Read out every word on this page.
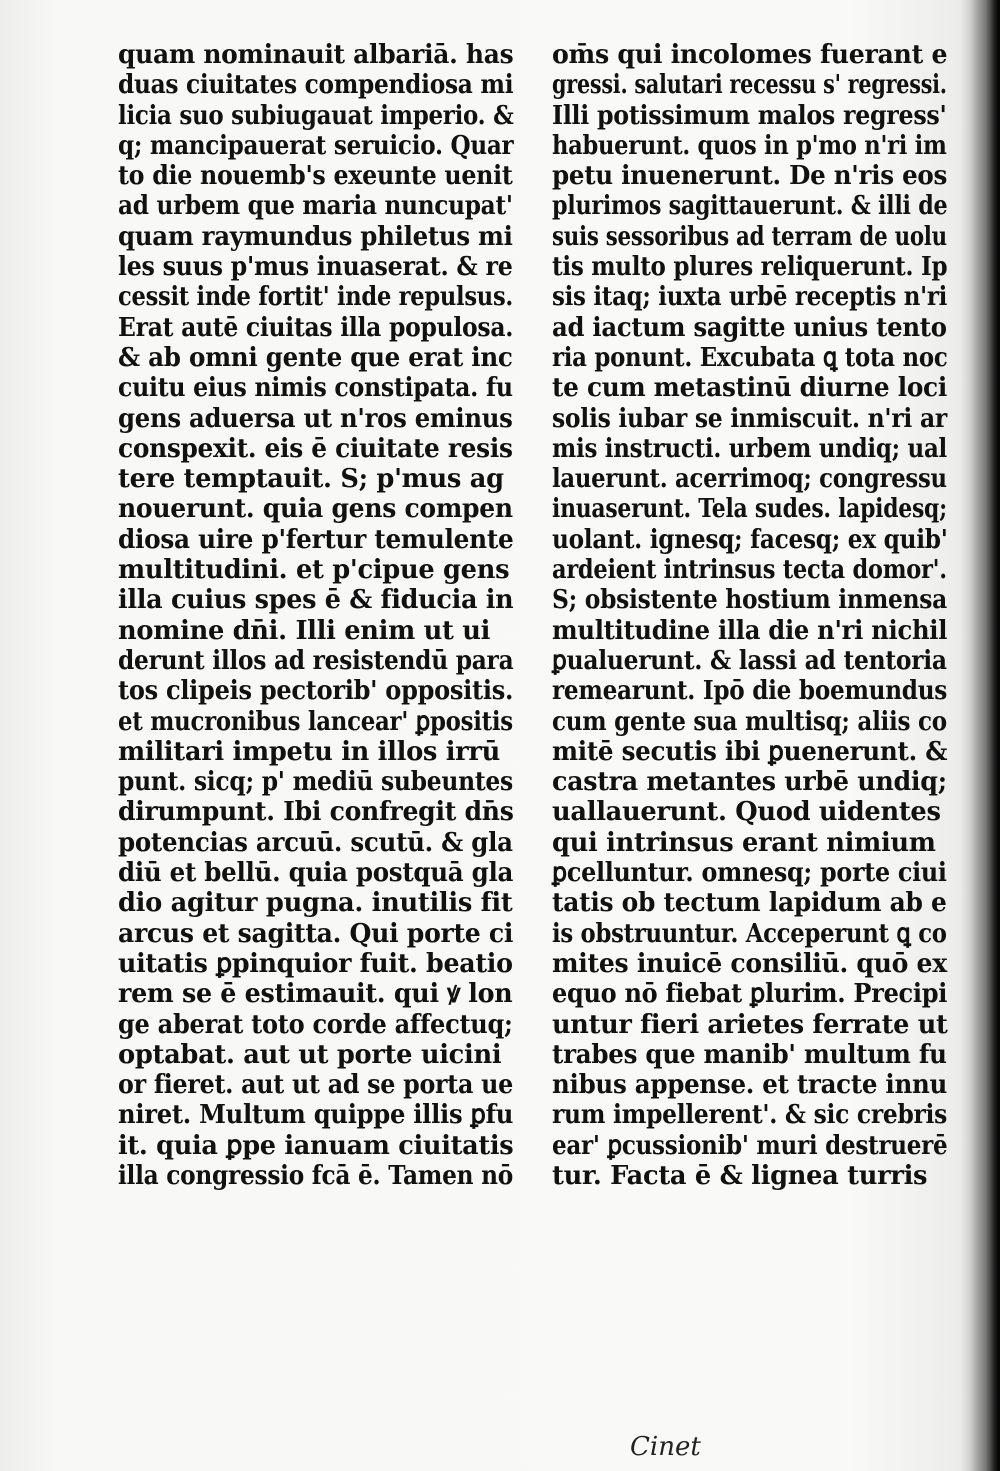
quam nominauit albariā. has
duas ciuitates compendiosa mi
licia suo subiugauat imperio. &
q; mancipauerat seruicio. Quar
to die nouemb's exeunte uenit
ad urbem que maria nuncupat'
quam raymundus philetus mi
les suus p'mus inuaserat. & re
cessit inde fortit' inde repulsus.
Erat autē ciuitas illa populosa.
& ab omni gente que erat inc
cuitu eius nimis constipata. fu
gens aduersa ut n'ros eminus
conspexit. eis ē ciuitate resis
tere temptauit. S; p'mus ag
nouerunt. quia gens compen
diosa uire p'fertur temulente
multitudini. et p'cipue gens
illa cuius spes ē & fiducia in
nomine dn̄i. Illi enim ut ui
derunt illos ad resistendū para
tos clipeis pectorib' oppositis.
et mucronibus lancear' ꝑpositis
militari impetu in illos irrū
punt. sicq; p' mediū subeuntes
dirumpunt. Ibi confregit dn̄s
potencias arcuū. scutū. & gla
diū et bellū. quia postquā gla
dio agitur pugna. inutilis fit
arcus et sagitta. Qui porte ci
uitatis ꝑpinquior fuit. beatio
rem se ē estimauit. qui ꝟ lon
ge aberat toto corde affectuq;
optabat. aut ut porte uicini
or fieret. aut ut ad se porta ue
niret. Multum quippe illis ꝑfu
it. quia ꝑpe ianuam ciuitatis
illa congressio fcā ē. Tamen nō
om̄s qui incolomes fuerant e
gressi. salutari recessu s' regressi.
Illi potissimum malos regress'
habuerunt. quos in p'mo n'ri im
petu inuenerunt. De n'ris eos
plurimos sagittauerunt. & illi de
suis sessoribus ad terram de uolu
tis multo plures reliquerunt. Ip
sis itaq; iuxta urbē receptis n'ri
ad iactum sagitte unius tento
ria ponunt. Excubata ꝗ tota noc
te cum metastinū diurne loci
solis iubar se inmiscuit. n'ri ar
mis instructi. urbem undiq; ual
lauerunt. acerrimoq; congressu
inuaserunt. Tela sudes. lapidesq;
uolant. ignesq; facesq; ex quib'
ardeient intrinsus tecta domor'.
S; obsistente hostium inmensa
multitudine illa die n'ri nichil
ꝑualuerunt. & lassi ad tentoria
remearunt. Ipō die boemundus
cum gente sua multisq; aliis co
mitē secutis ibi ꝑuenerunt. &
castra metantes urbē undiq;
uallauerunt. Quod uidentes
qui intrinsus erant nimium
ꝑcelluntur. omnesq; porte ciui
tatis ob tectum lapidum ab e
is obstruuntur. Acceperunt ꝗ co
mites inuicē consiliū. quō ex
equo nō fiebat ꝑlurim. Precipi
untur fieri arietes ferrate ut
trabes que manib' multum fu
nibus appense. et tracte innu
rum impellerent'. & sic crebris
ear' ꝑcussionib' muri destruerē
tur. Facta ē & lignea turris
Cinet
